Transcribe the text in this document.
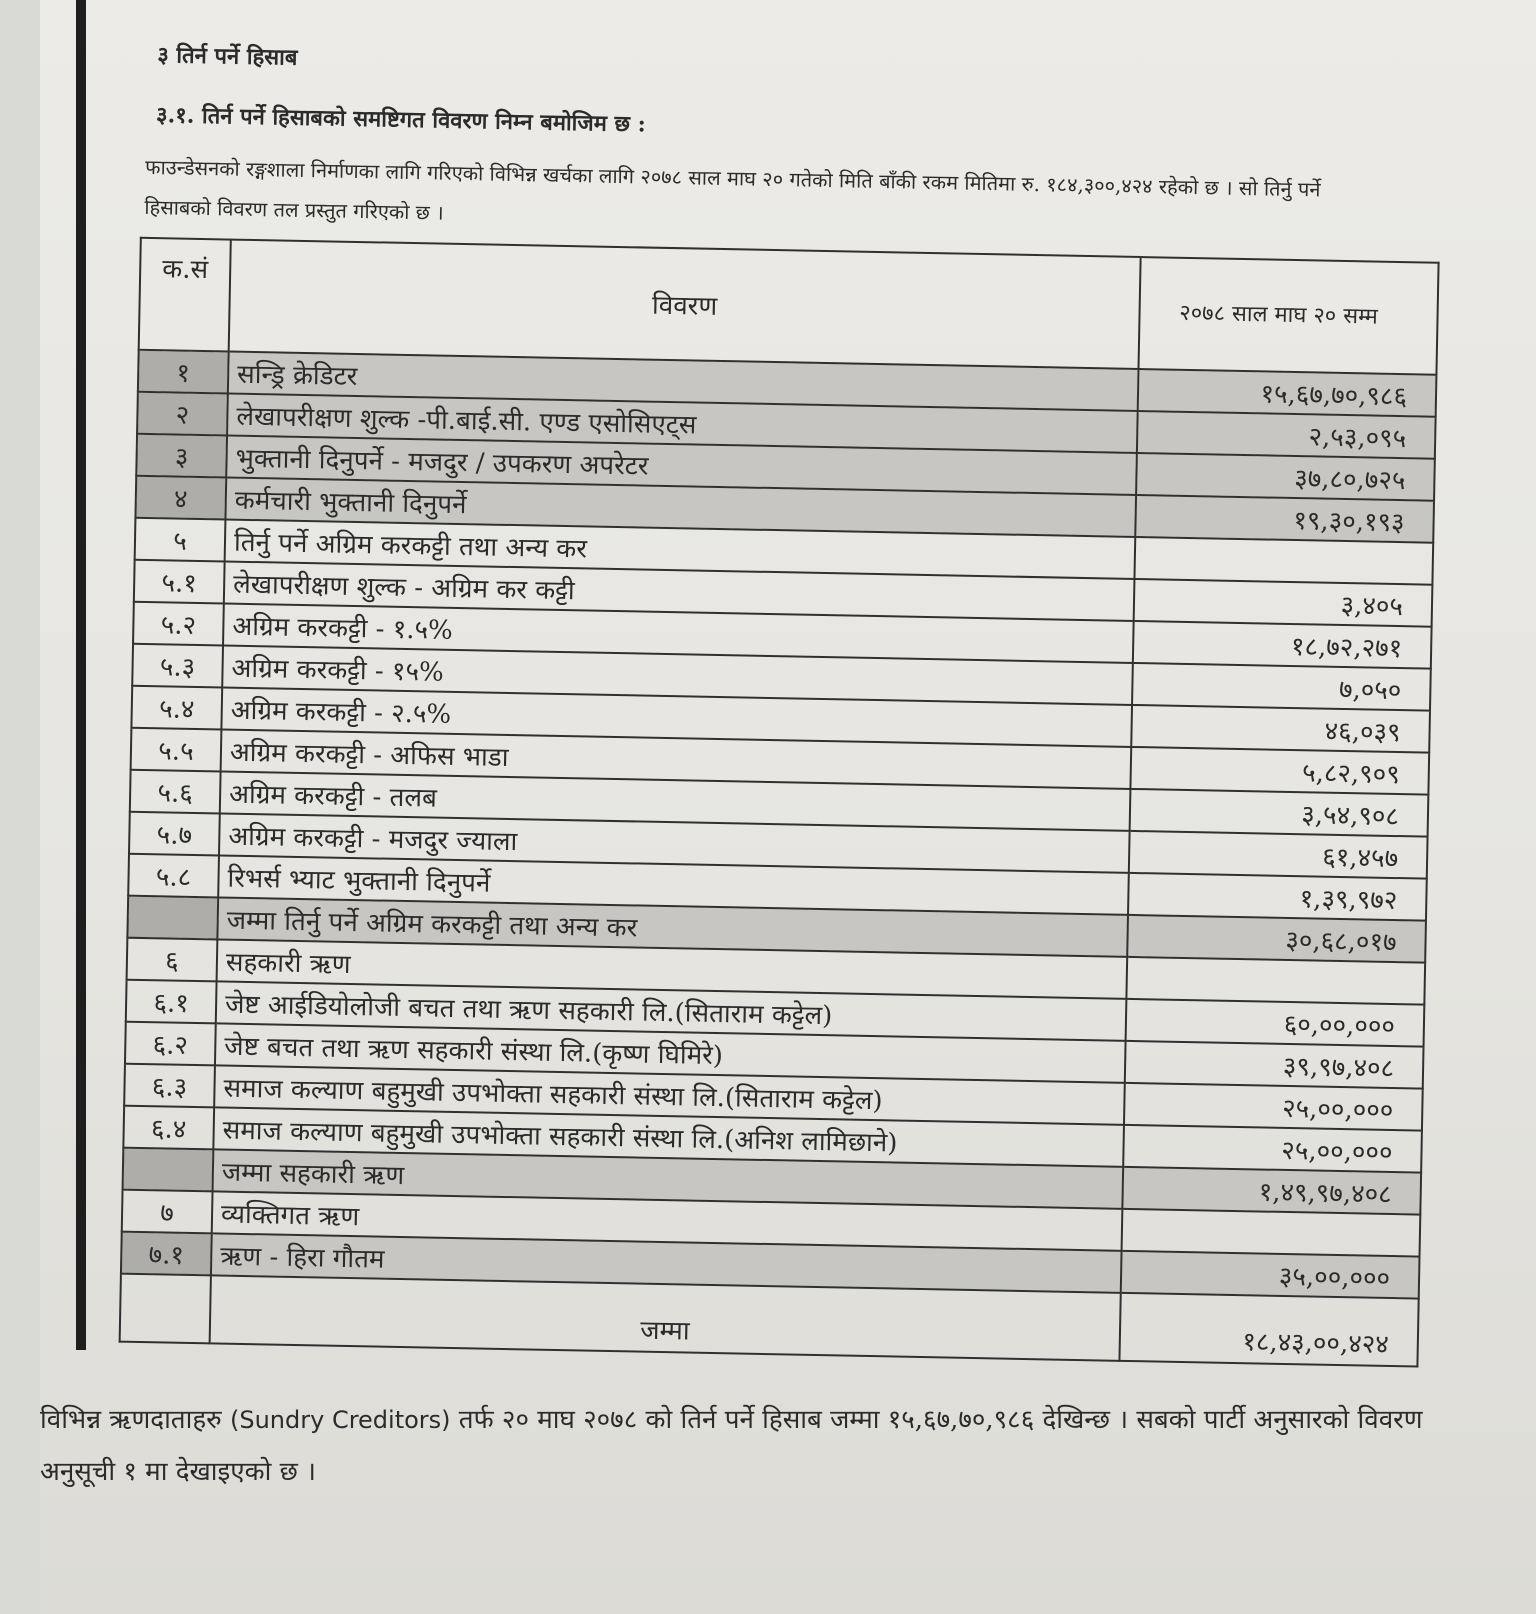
३ तिर्न पर्ने हिसाब
३.१. तिर्न पर्ने हिसाबको समष्टिगत विवरण निम्न बमोजिम छ :
फाउन्डेसनको रङ्गशाला निर्माणका लागि गरिएको विभिन्न खर्चका लागि २०७८ साल माघ २० गतेको मिति बाँकी रकम मितिमा रु. १८४,३००,४२४ रहेको छ । सो तिर्नु पर्ने हिसाबको विवरण तल प्रस्तुत गरिएको छ ।
क.सं	विवरण	२०७८ साल माघ २० सम्म
१	सन्ड्रि क्रेडिटर	१५,६७,७०,९८६
२	लेखापरीक्षण शुल्क -पी.बाई.सी. एण्ड एसोसिएट्स	२,५३,०९५
३	भुक्तानी दिनुपर्ने - मजदुर / उपकरण अपरेटर	३७,८०,७२५
४	कर्मचारी भुक्तानी दिनुपर्ने	१९,३०,१९३
५	तिर्नु पर्ने अग्रिम करकट्टी तथा अन्य कर	
५.१	लेखापरीक्षण शुल्क - अग्रिम कर कट्टी	३,४०५
५.२	अग्रिम करकट्टी - १.५%	१८,७२,२७१
५.३	अग्रिम करकट्टी - १५%	७,०५०
५.४	अग्रिम करकट्टी - २.५%	४६,०३९
५.५	अग्रिम करकट्टी - अफिस भाडा	५,८२,९०९
५.६	अग्रिम करकट्टी - तलब	३,५४,९०८
५.७	अग्रिम करकट्टी - मजदुर ज्याला	६१,४५७
५.८	रिभर्स भ्याट भुक्तानी दिनुपर्ने	१,३९,९७२
	जम्मा तिर्नु पर्ने अग्रिम करकट्टी तथा अन्य कर	३०,६८,०१७
६	सहकारी ऋण	
६.१	जेष्ट आईडियोलोजी बचत तथा ऋण सहकारी लि.(सिताराम कट्टेल)	६०,००,०००
६.२	जेष्ट बचत तथा ऋण सहकारी संस्था लि.(कृष्ण घिमिरे)	३९,९७,४०८
६.३	समाज कल्याण बहुमुखी उपभोक्ता सहकारी संस्था लि.(सिताराम कट्टेल)	२५,००,०००
६.४	समाज कल्याण बहुमुखी उपभोक्ता सहकारी संस्था लि.(अनिश लामिछाने)	२५,००,०००
	जम्मा सहकारी ऋण	१,४९,९७,४०८
७	व्यक्तिगत ऋण	
७.१	ऋण - हिरा गौतम	३५,००,०००
	जम्मा	१८,४३,००,४२४
विभिन्न ऋणदाताहरु (Sundry Creditors) तर्फ २० माघ २०७८ को तिर्न पर्ने हिसाब जम्मा १५,६७,७०,९८६ देखिन्छ । सबको पार्टी अनुसारको विवरण अनुसूची १ मा देखाइएको छ ।
